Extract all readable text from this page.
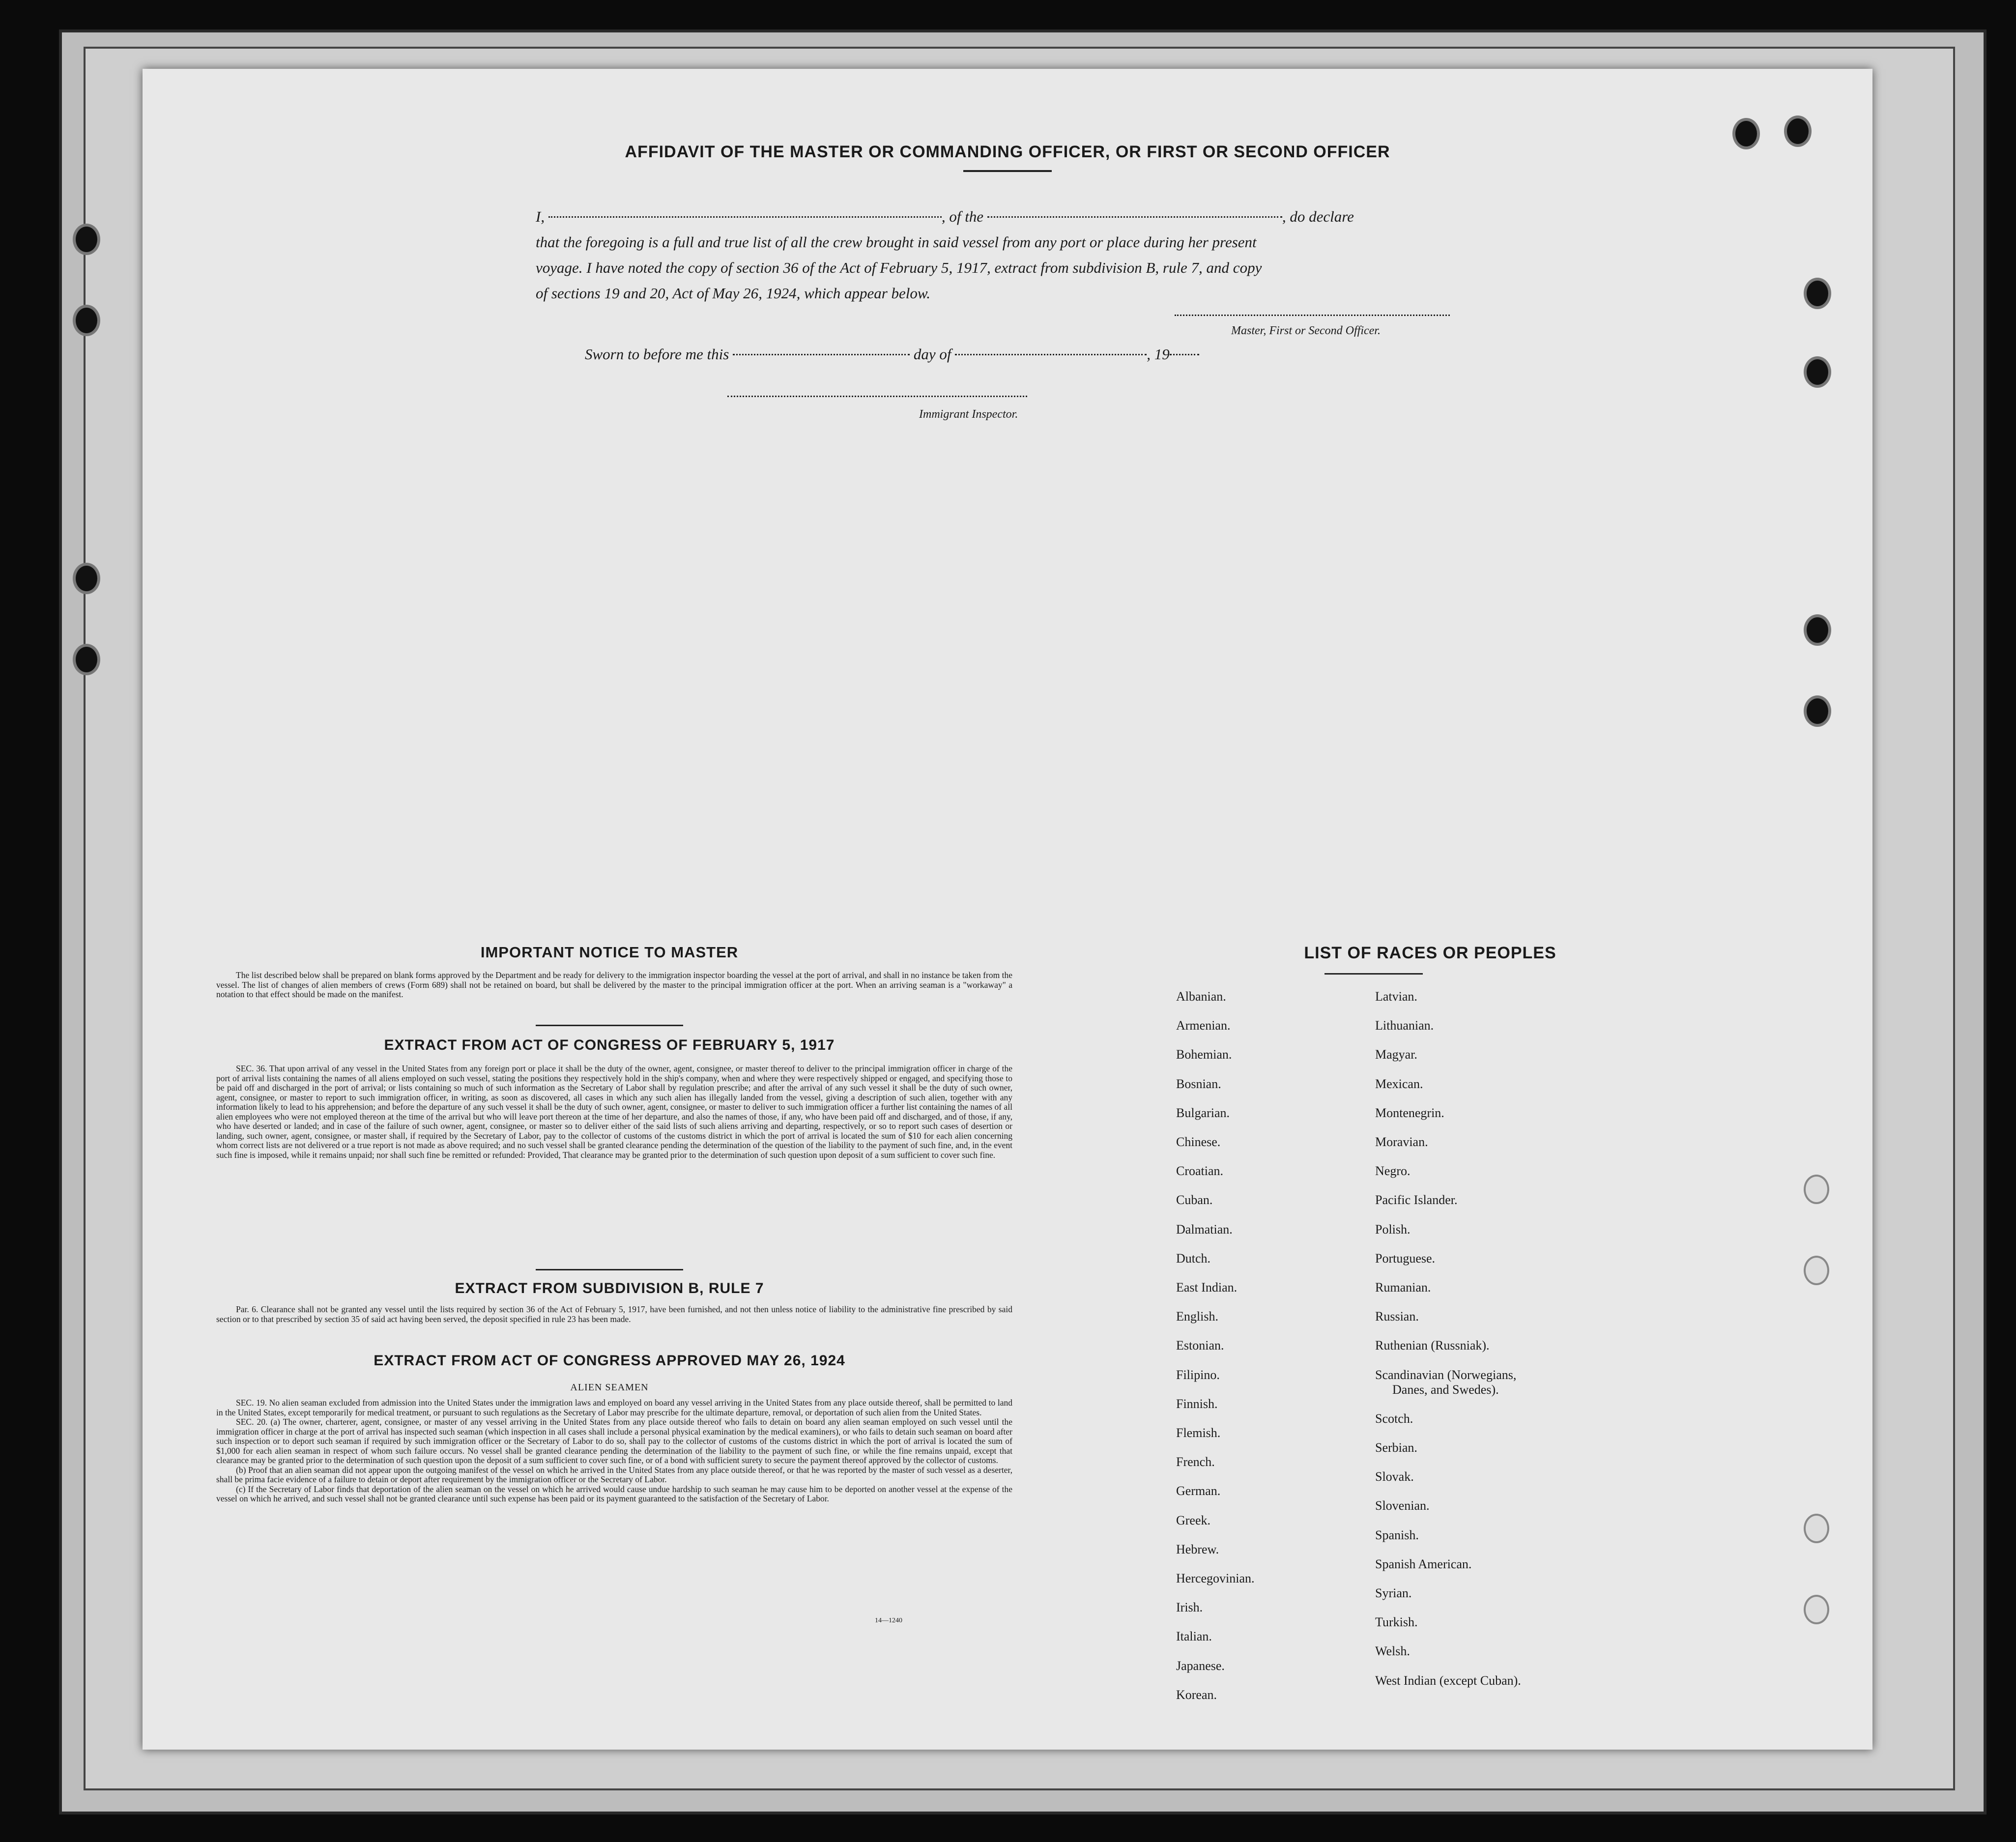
AFFIDAVIT OF THE MASTER OR COMMANDING OFFICER, OR FIRST OR SECOND OFFICER
I,	, of the	, do declare
that the foregoing is a full and true list of all the crew brought in said vessel from any port or place during her present
voyage. I have noted the copy of section 36 of the Act of February 5, 1917, extract from subdivision B, rule 7, and copy
of sections 19 and 20, Act of May 26, 1924, which appear below.
Master, First or Second Officer.
Sworn to before me this	day of	, 19
Immigrant Inspector.
IMPORTANT NOTICE TO MASTER

The list described below shall be prepared on blank forms approved by the Department and be ready for delivery to the immigration inspector boarding the vessel at the port of arrival, and shall in no instance be taken from the vessel. The list of changes of alien members of crews (Form 689) shall not be retained on board, but shall be delivered by the master to the principal immigration officer at the port. When an arriving seaman is a "workaway" a notation to that effect should be made on the manifest.

EXTRACT FROM ACT OF CONGRESS OF FEBRUARY 5, 1917

SEC. 36. That upon arrival of any vessel in the United States from any foreign port or place it shall be the duty of the owner, agent, consignee, or master thereof to deliver to the principal immigration officer in charge of the port of arrival lists containing the names of all aliens employed on such vessel, stating the positions they respectively hold in the ship's company, when and where they were respectively shipped or engaged, and specifying those to be paid off and discharged in the port of arrival; or lists containing so much of such information as the Secretary of Labor shall by regulation prescribe; and after the arrival of any such vessel it shall be the duty of such owner, agent, consignee, or master to report to such immigration officer, in writing, as soon as discovered, all cases in which any such alien has illegally landed from the vessel, giving a description of such alien, together with any information likely to lead to his apprehension; and before the departure of any such vessel it shall be the duty of such owner, agent, consignee, or master to deliver to such immigration officer a further list containing the names of all alien employees who were not employed thereon at the time of the arrival but who will leave port thereon at the time of her departure, and also the names of those, if any, who have been paid off and discharged, and of those, if any, who have deserted or landed; and in case of the failure of such owner, agent, consignee, or master so to deliver either of the said lists of such aliens arriving and departing, respectively, or so to report such cases of desertion or landing, such owner, agent, consignee, or master shall, if required by the Secretary of Labor, pay to the collector of customs of the customs district in which the port of arrival is located the sum of $10 for each alien concerning whom correct lists are not delivered or a true report is not made as above required; and no such vessel shall be granted clearance pending the determination of the question of the liability to the payment of such fine, and, in the event such fine is imposed, while it remains unpaid; nor shall such fine be remitted or refunded: Provided, That clearance may be granted prior to the determination of such question upon deposit of a sum sufficient to cover such fine.

EXTRACT FROM SUBDIVISION B, RULE 7

Par. 6. Clearance shall not be granted any vessel until the lists required by section 36 of the Act of February 5, 1917, have been furnished, and not then unless notice of liability to the administrative fine prescribed by said section or to that prescribed by section 35 of said act having been served, the deposit specified in rule 23 has been made.

EXTRACT FROM ACT OF CONGRESS APPROVED MAY 26, 1924
ALIEN SEAMEN

SEC. 19. No alien seaman excluded from admission into the United States under the immigration laws and employed on board any vessel arriving in the United States from any place outside thereof, shall be permitted to land in the United States, except temporarily for medical treatment, or pursuant to such regulations as the Secretary of Labor may prescribe for the ultimate departure, removal, or deportation of such alien from the United States.

SEC. 20. (a) The owner, charterer, agent, consignee, or master of any vessel arriving in the United States from any place outside thereof who fails to detain on board any alien seaman employed on such vessel until the immigration officer in charge at the port of arrival has inspected such seaman (which inspection in all cases shall include a personal physical examination by the medical examiners), or who fails to detain such seaman on board after such inspection or to deport such seaman if required by such immigration officer or the Secretary of Labor to do so, shall pay to the collector of customs of the customs district in which the port of arrival is located the sum of $1,000 for each alien seaman in respect of whom such failure occurs. No vessel shall be granted clearance pending the determination of the liability to the payment of such fine, or while the fine remains unpaid, except that clearance may be granted prior to the determination of such question upon the deposit of a sum sufficient to cover such fine, or of a bond with sufficient surety to secure the payment thereof approved by the collector of customs.

(b) Proof that an alien seaman did not appear upon the outgoing manifest of the vessel on which he arrived in the United States from any place outside thereof, or that he was reported by the master of such vessel as a deserter, shall be prima facie evidence of a failure to detain or deport after requirement by the immigration officer or the Secretary of Labor.

(c) If the Secretary of Labor finds that deportation of the alien seaman on the vessel on which he arrived would cause undue hardship to such seaman he may cause him to be deported on another vessel at the expense of the vessel on which he arrived, and such vessel shall not be granted clearance until such expense has been paid or its payment guaranteed to the satisfaction of the Secretary of Labor.

14—1240
LIST OF RACES OR PEOPLES
Albanian.
Armenian.
Bohemian.
Bosnian.
Bulgarian.
Chinese.
Croatian.
Cuban.
Dalmatian.
Dutch.
East Indian.
English.
Estonian.
Filipino.
Finnish.
Flemish.
French.
German.
Greek.
Hebrew.
Hercegovinian.
Irish.
Italian.
Japanese.
Korean.
Latvian.
Lithuanian.
Magyar.
Mexican.
Montenegrin.
Moravian.
Negro.
Pacific Islander.
Polish.
Portuguese.
Rumanian.
Russian.
Ruthenian (Russniak).
Scandinavian (Norwegians,
Danes, and Swedes).
Scotch.
Serbian.
Slovak.
Slovenian.
Spanish.
Spanish American.
Syrian.
Turkish.
Welsh.
West Indian (except Cuban).
